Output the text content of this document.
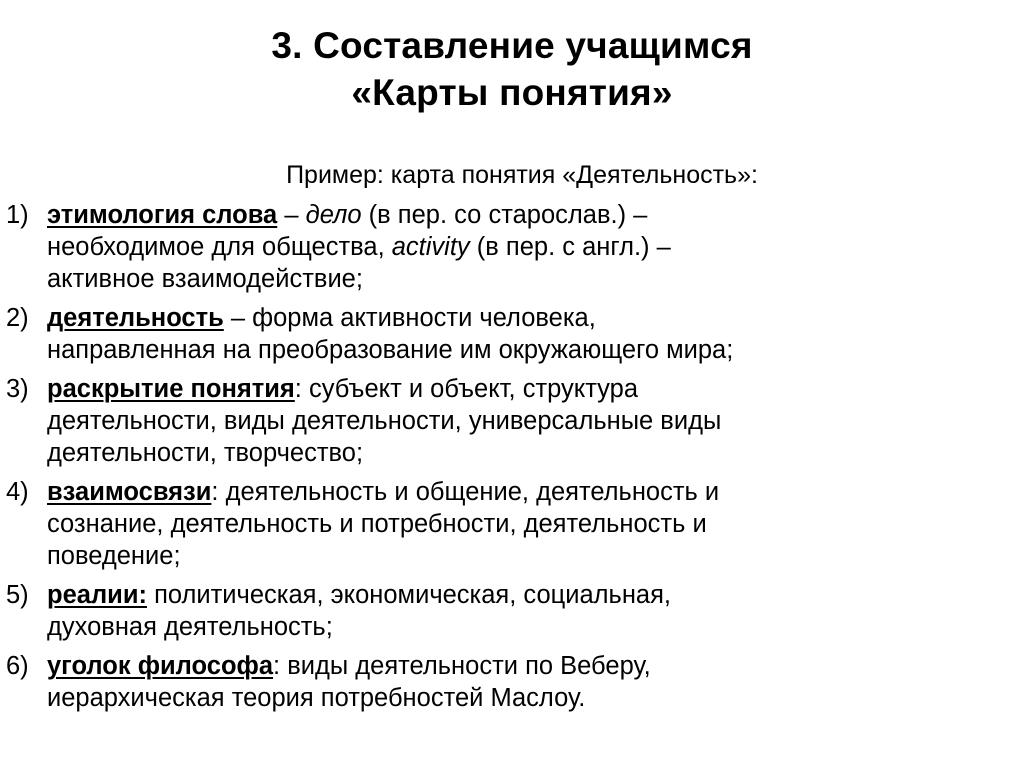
3. Составление учащимся
«Карты понятия»
Пример: карта понятия «Деятельность»:
1) этимология слова – дело (в пер. со старослав.) –
необходимое для общества, activity (в пер. с англ.) –
активное взаимодействие;
2) деятельность – форма активности человека,
направленная на преобразование им окружающего мира;
3) раскрытие понятия: субъект и объект, структура
деятельности, виды деятельности, универсальные виды
деятельности, творчество;
4) взаимосвязи: деятельность и общение, деятельность и
сознание, деятельность и потребности, деятельность и
поведение;
5) реалии: политическая, экономическая, социальная,
духовная деятельность;
6) уголок философа: виды деятельности по Веберу,
иерархическая теория потребностей Маслоу.
